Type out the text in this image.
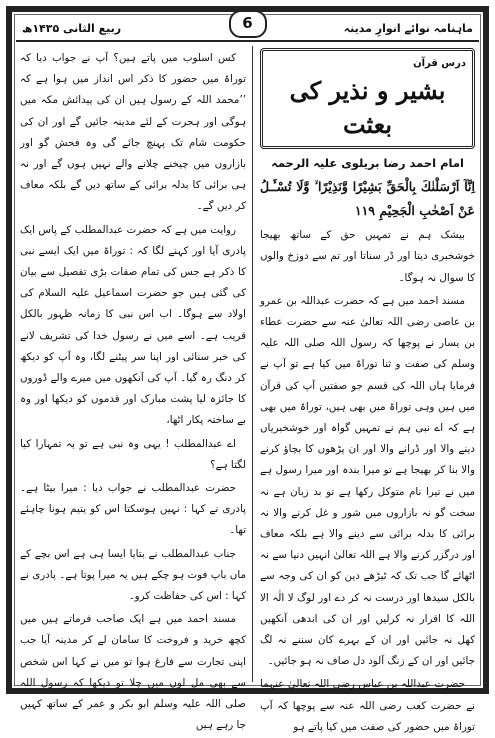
ماہنامہ نوائے انوارِ مدینہ
ربیع الثانی ۱۴۳۵ھ	6
درس قرآن
بشیر و نذیر کی بعثت
امام احمد رضا بریلوی علیہ الرحمہ
اِنَّآ اَرْسَلْنٰكَ بِالْحَقِّ بَشِيْرًا وَّنَذِيْرًا ۙ وَّلَا تُسْـَٔـلُ عَنْ اَصْحٰبِ الْجَحِيْمِ ۱۱۹

بیشک ہم نے تمہیں حق کے ساتھ بھیجا خوشخبری دیتا اور ڈر سناتا اور تم سے دوزخ والوں کا سوال نہ ہوگا۔

مسند احمد میں ہے کہ حضرت عبداللہ بن عمرو بن عاصی رضی اللہ تعالیٰ عنہ سے حضرت عطاء بن یسار نے پوچھا کہ رسول اللہ صلی اللہ علیہ وسلم کی صفت و ثنا توراۃ میں کیا ہے تو آپ نے فرمایا ہاں اللہ کی قسم جو صفتیں آپ کی قرآن میں ہیں وہی توراۃ میں بھی ہیں، توراۃ میں بھی ہے کہ اے نبی ہم نے تمہیں گواہ اور خوشخبریاں دینے والا اور ڈرانے والا اور ان پڑھوں کا بچاؤ کرنے والا بنا کر بھیجا ہے تو میرا بندہ اور میرا رسول ہے میں نے تیرا نام متوکل رکھا ہے تو بد زبان ہے نہ سخت گو نہ بازاروں میں شور و غل کرنے والا نہ برائی کا بدلہ برائی سے دینے والا ہے بلکہ معاف اور درگزر کرنے والا ہے اللہ تعالیٰ انہیں دنیا سے نہ اٹھائے گا جب تک کہ ٹیڑھے دین کو ان کی وجہ سے بالکل سیدھا اور درست نہ کر دے اور لوگ لا الٰہ الا اللہ کا اقرار نہ کرلیں اور ان کی اندھی آنکھیں کھل نہ جائیں اور ان کے بہرے کان سننے نہ لگ جائیں اور ان کے زنگ آلود دل صاف نہ ہو جائیں۔

حضرت عبداللہ بن عباس رضی اللہ تعالیٰ عنہما نے حضرت کعب رضی اللہ عنہ سے پوچھا کہ آپ توراۃ میں حضور کی صفت میں کیا پاتے ہو

کس اسلوب میں پاتے ہیں؟ آپ نے جواب دیا کہ توراۃ میں حضور کا ذکر اس انداز میں ہوا ہے کہ ’’محمد اللہ کے رسول ہیں ان کی پیدائش مکہ میں ہوگی اور ہجرت کے لئے مدینہ جائیں گے اور ان کی حکومت شام تک پہنچ جائے گی وہ فحش گو اور بازاروں میں چیخنے چلانے والے نہیں ہوں گے اور نہ ہی برائی کا بدلہ برائی کے ساتھ دیں گے بلکہ معاف کر دیں گے۔

روایت میں ہے کہ حضرت عبدالمطلب کے پاس ایک پادری آیا اور کہنے لگا کہ : توراۃ میں ایک ایسے نبی کا ذکر ہے جس کی تمام صفات بڑی تفصیل سے بیان کی گئی ہیں جو حضرت اسماعیل علیہ السلام کی اولاد سے ہوگا۔ اب اس نبی کا زمانہ ظہور بالکل قریب ہے۔ اسے میں نے رسول خدا کی تشریف لانے کی خبر سنائی اور اپنا سر پیٹنے لگا، وہ آپ کو دیکھ کر دنگ رہ گیا۔ آپ کی آنکھوں میں میرے والے ڈوروں کا جائزہ لیا پشت مبارک اور قدموں کو دیکھا اور وہ بے ساختہ پکار اٹھا،

اے عبدالمطلب ! یہی وہ نبی ہے تو یہ تمہارا کیا لگتا ہے؟

حضرت عبدالمطلب نے جواب دیا : میرا بیٹا ہے۔ پادری نے کہا : نہیں ہوسکتا اس کو یتیم ہونا چاہئے تھا۔

جناب عبدالمطلب نے بتایا ایسا ہی ہے اس بچے کے ماں باپ فوت ہو چکے ہیں یہ میرا پوتا ہے۔ پادری نے کہا : اس کی حفاظت کرو۔

مسند احمد میں ہے ایک صاحب فرماتے ہیں میں کچھ خرید و فروخت کا سامان لے کر مدینہ آیا جب اپنی تجارت سے فارغ ہوا تو میں نے کہا اس شخص سے بھی مل لوں میں چلا تو دیکھا کہ رسول اللہ صلی اللہ علیہ وسلم ابو بکر و عمر کے ساتھ کہیں جا رہے ہیں
